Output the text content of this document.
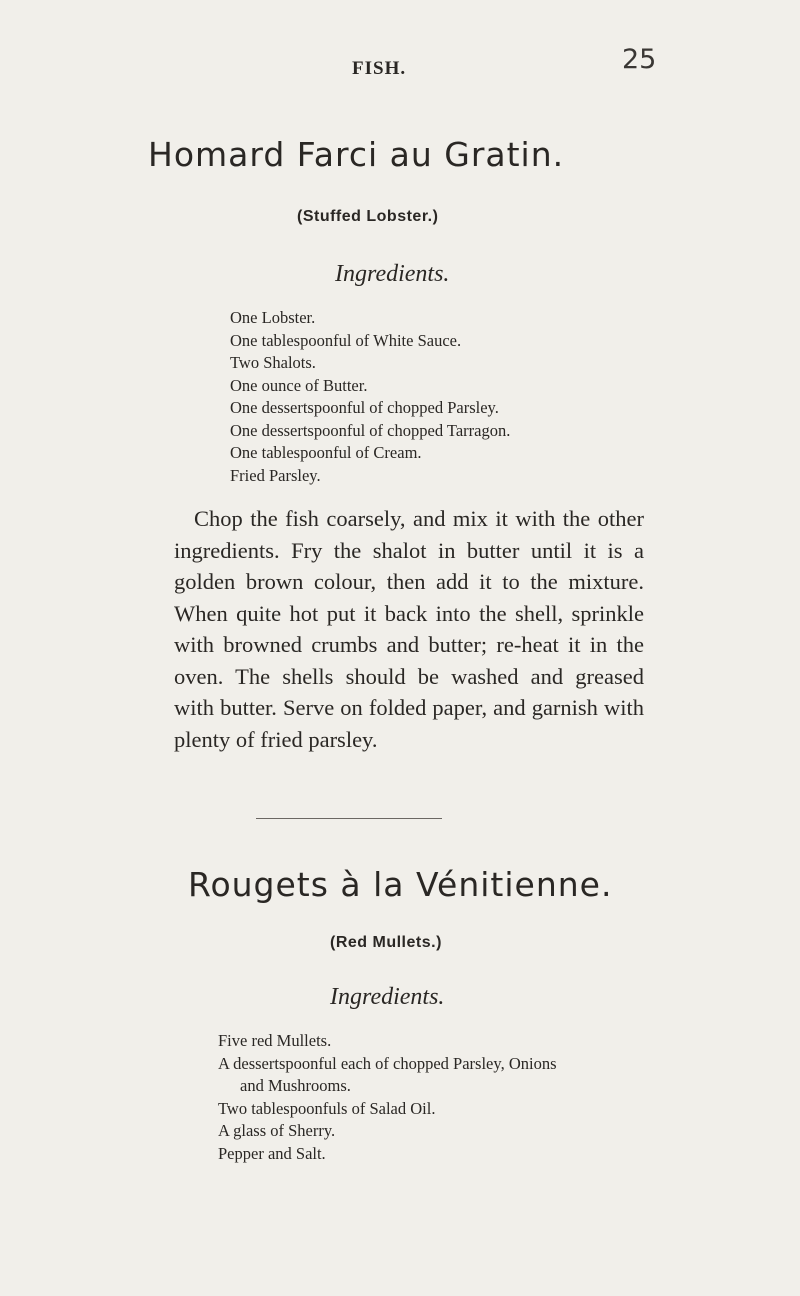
FISH.	25
Homard Farci au Gratin.
(Stuffed Lobster.)
Ingredients.
One Lobster.
One tablespoonful of White Sauce.
Two Shalots.
One ounce of Butter.
One dessertspoonful of chopped Parsley.
One dessertspoonful of chopped Tarragon.
One tablespoonful of Cream.
Fried Parsley.

Chop the fish coarsely, and mix it with the other ingredients. Fry the shalot in butter until it is a golden brown colour, then add it to the mixture. When quite hot put it back into the shell, sprinkle with browned crumbs and butter; re-heat it in the oven. The shells should be washed and greased with butter. Serve on folded paper, and garnish with plenty of fried parsley.

Rougets à la Vénitienne.
(Red Mullets.)
Ingredients.
Five red Mullets.
A dessertspoonful each of chopped Parsley, Onions
and Mushrooms.
Two tablespoonfuls of Salad Oil.
A glass of Sherry.
Pepper and Salt.
